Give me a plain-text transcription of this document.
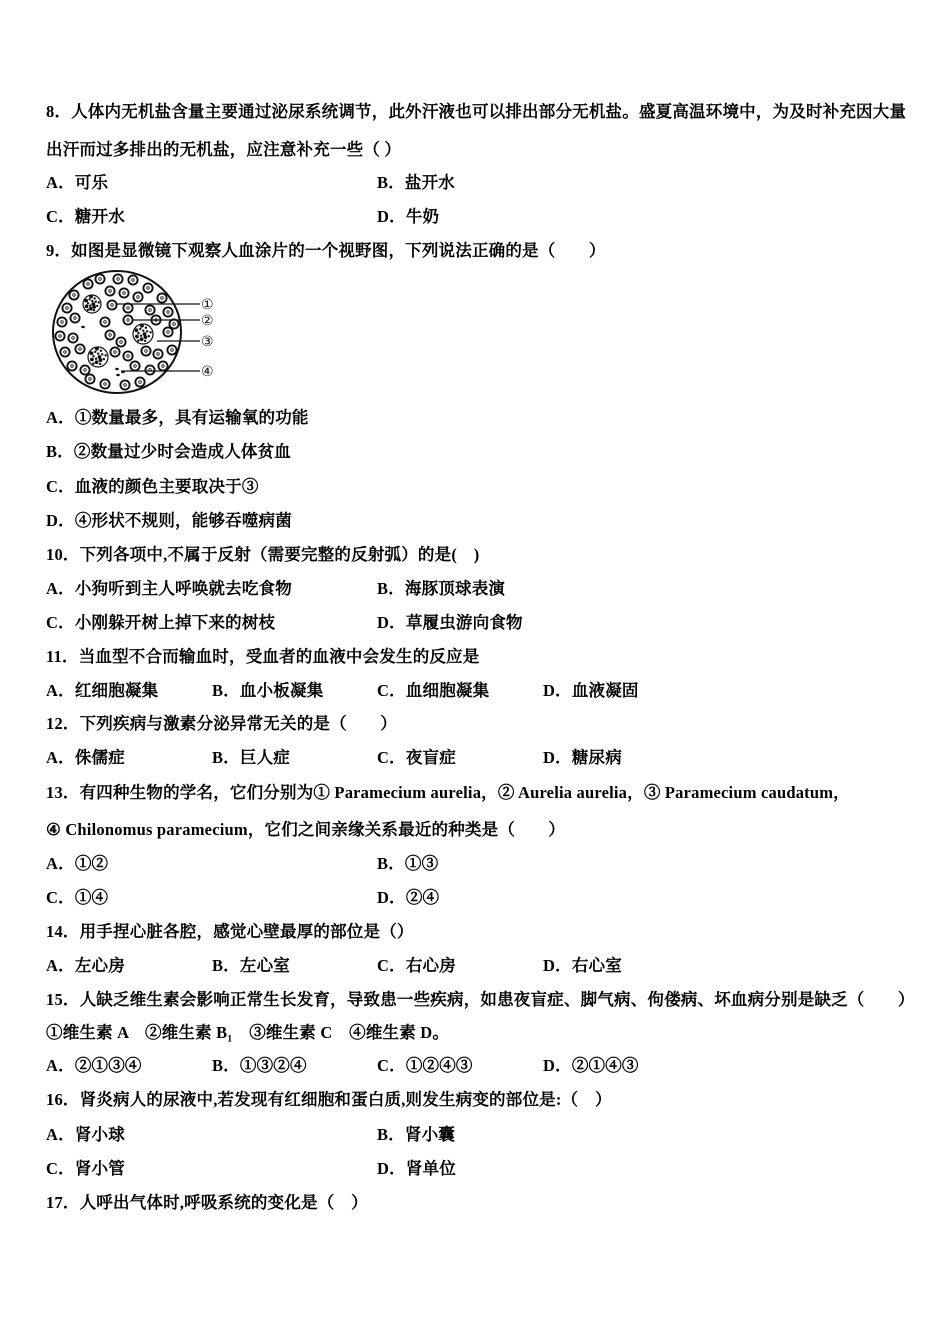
8．人体内无机盐含量主要通过泌尿系统调节，此外汗液也可以排出部分无机盐。盛夏高温环境中，为及时补充因大量
出汗而过多排出的无机盐，应注意补充一些（ ）
A．可乐	B．盐开水
C．糖开水	D．牛奶
9．如图是显微镜下观察人血涂片的一个视野图，下列说法正确的是（　　）
①
②
③
④
A．①数量最多，具有运输氧的功能
B．②数量过少时会造成人体贫血
C．血液的颜色主要取决于③
D．④形状不规则，能够吞噬病菌
10．下列各项中,不属于反射（需要完整的反射弧）的是(　)
A．小狗听到主人呼唤就去吃食物	B．海豚顶球表演
C．小刚躲开树上掉下来的树枝	D．草履虫游向食物
11．当血型不合而输血时，受血者的血液中会发生的反应是
A．红细胞凝集	B．血小板凝集	C．血细胞凝集	D．血液凝固
12．下列疾病与激素分泌异常无关的是（　　）
A．侏儒症	B．巨人症	C．夜盲症	D．糖尿病
13．有四种生物的学名，它们分别为① Paramecium aurelia，② Aurelia aurelia，③ Paramecium caudatum，
④ Chilonomus paramecium，它们之间亲缘关系最近的种类是（　　）
A．①②	B．①③
C．①④	D．②④
14．用手捏心脏各腔，感觉心壁最厚的部位是（）
A．左心房	B．左心室	C．右心房	D．右心室
15．人缺乏维生素会影响正常生长发育，导致患一些疾病，如患夜盲症、脚气病、佝偻病、坏血病分别是缺乏（　　）
①维生素 A　②维生素 B₁　③维生素 C　④维生素 D。
A．②①③④	B．①③②④	C．①②④③	D．②①④③
16．肾炎病人的尿液中,若发现有红细胞和蛋白质,则发生病变的部位是:（　）
A．肾小球	B．肾小囊
C．肾小管	D．肾单位
17．人呼出气体时,呼吸系统的变化是（　）
